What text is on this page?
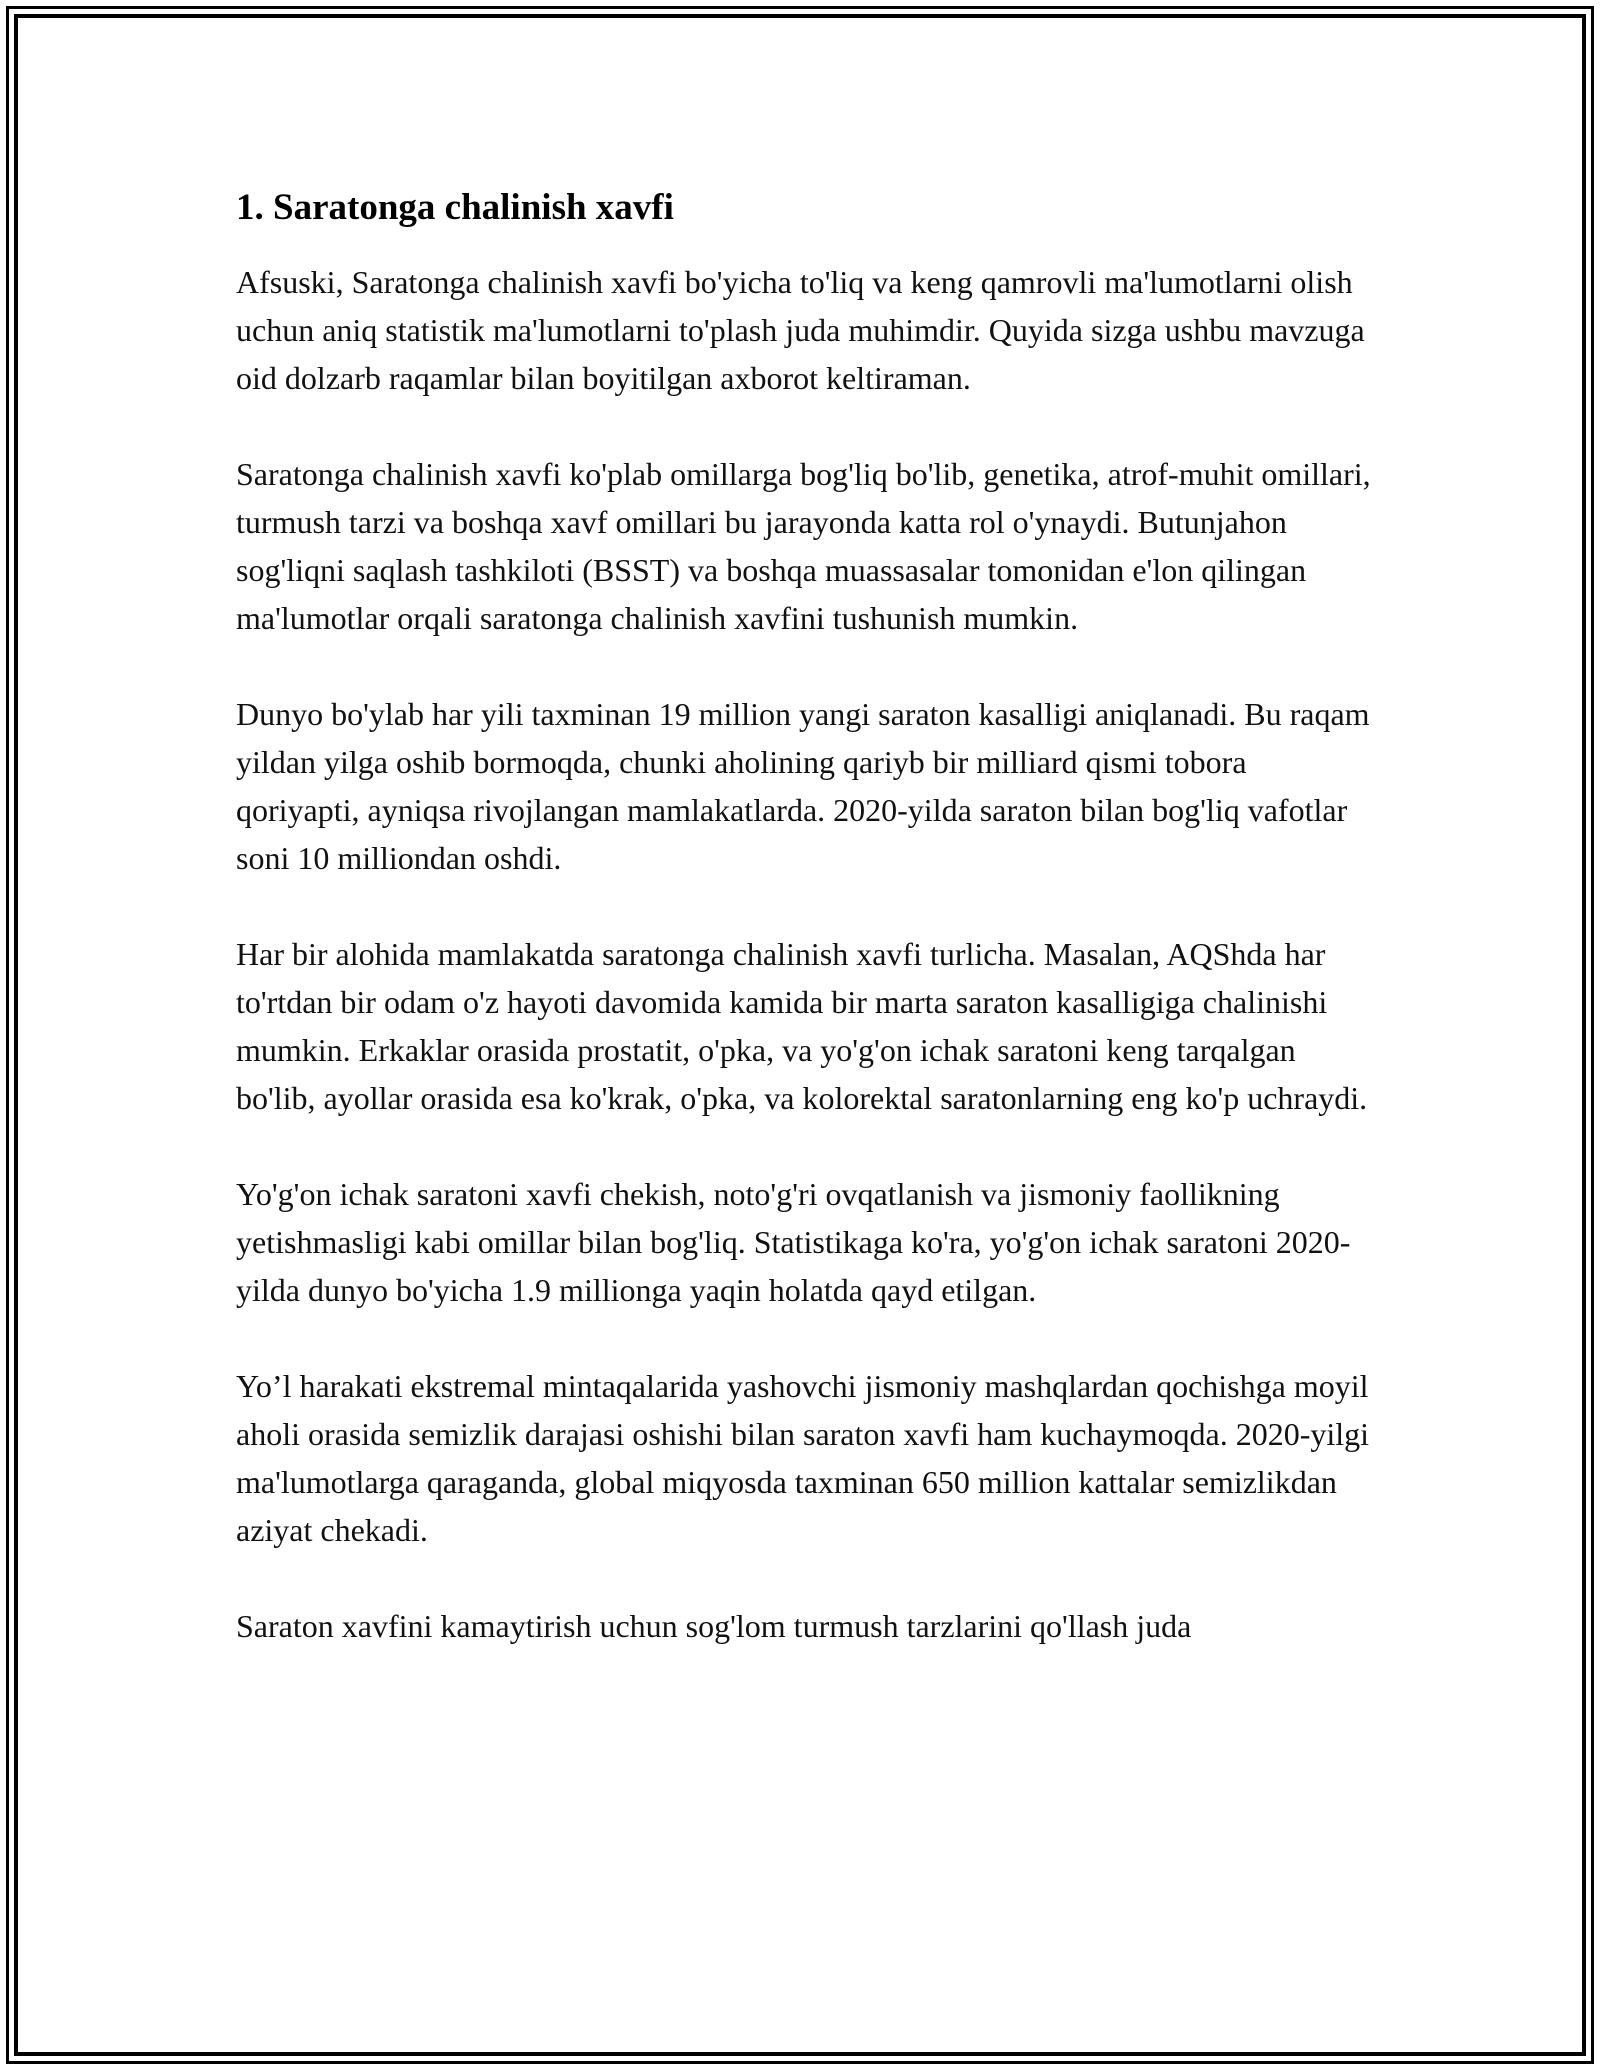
1. Saratonga chalinish xavfi

Afsuski, Saratonga chalinish xavfi bo'yicha to'liq va keng qamrovli ma'lumotlarni olish uchun aniq statistik ma'lumotlarni to'plash juda muhimdir. Quyida sizga ushbu mavzuga oid dolzarb raqamlar bilan boyitilgan axborot keltiraman.

Saratonga chalinish xavfi ko'plab omillarga bog'liq bo'lib, genetika, atrof-muhit omillari, turmush tarzi va boshqa xavf omillari bu jarayonda katta rol o'ynaydi. Butunjahon sog'liqni saqlash tashkiloti (BSST) va boshqa muassasalar tomonidan e'lon qilingan ma'lumotlar orqali saratonga chalinish xavfini tushunish mumkin.

Dunyo bo'ylab har yili taxminan 19 million yangi saraton kasalligi aniqlanadi. Bu raqam yildan yilga oshib bormoqda, chunki aholining qariyb bir milliard qismi tobora qoriyapti, ayniqsa rivojlangan mamlakatlarda. 2020-yilda saraton bilan bog'liq vafotlar soni 10 milliondan oshdi.

Har bir alohida mamlakatda saratonga chalinish xavfi turlicha. Masalan, AQShda har to'rtdan bir odam o'z hayoti davomida kamida bir marta saraton kasalligiga chalinishi mumkin. Erkaklar orasida prostatit, o'pka, va yo'g'on ichak saratoni keng tarqalgan bo'lib, ayollar orasida esa ko'krak, o'pka, va kolorektal saratonlarning eng ko'p uchraydi.

Yo'g'on ichak saratoni xavfi chekish, noto'g'ri ovqatlanish va jismoniy faollikning yetishmasligi kabi omillar bilan bog'liq. Statistikaga ko'ra, yo'g'on ichak saratoni 2020-yilda dunyo bo'yicha 1.9 millionga yaqin holatda qayd etilgan.

Yo’l harakati ekstremal mintaqalarida yashovchi jismoniy mashqlardan qochishga moyil aholi orasida semizlik darajasi oshishi bilan saraton xavfi ham kuchaymoqda. 2020-yilgi ma'lumotlarga qaraganda, global miqyosda taxminan 650 million kattalar semizlikdan aziyat chekadi.

Saraton xavfini kamaytirish uchun sog'lom turmush tarzlarini qo'llash juda
